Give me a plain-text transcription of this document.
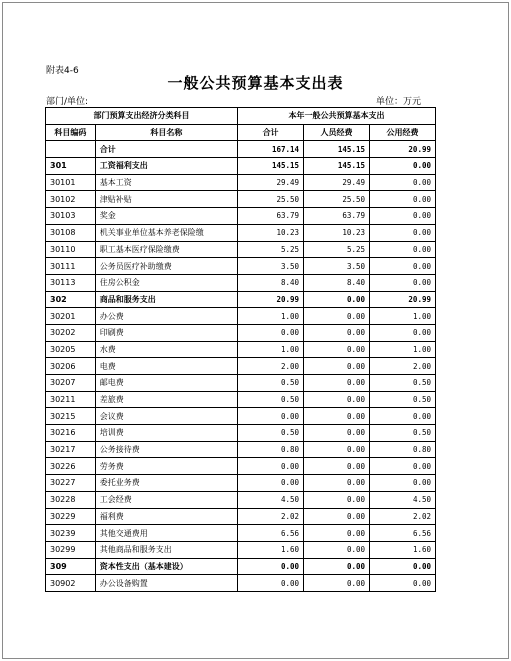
附表4-6
一般公共预算基本支出表
部门/单位:	单位：万元
部门预算支出经济分类科目		本年一般公共预算基本支出		
科目编码	科目名称	合计	人员经费	公用经费
	合计	167.14	145.15	20.99
301	工资福利支出	145.15	145.15	0.00
30101	基本工资	29.49	29.49	0.00
30102	津贴补贴	25.50	25.50	0.00
30103	奖金	63.79	63.79	0.00
30108	机关事业单位基本养老保险缴	10.23	10.23	0.00
30110	职工基本医疗保险缴费	5.25	5.25	0.00
30111	公务员医疗补助缴费	3.50	3.50	0.00
30113	住房公积金	8.40	8.40	0.00
302	商品和服务支出	20.99	0.00	20.99
30201	办公费	1.00	0.00	1.00
30202	印刷费	0.00	0.00	0.00
30205	水费	1.00	0.00	1.00
30206	电费	2.00	0.00	2.00
30207	邮电费	0.50	0.00	0.50
30211	差旅费	0.50	0.00	0.50
30215	会议费	0.00	0.00	0.00
30216	培训费	0.50	0.00	0.50
30217	公务接待费	0.80	0.00	0.80
30226	劳务费	0.00	0.00	0.00
30227	委托业务费	0.00	0.00	0.00
30228	工会经费	4.50	0.00	4.50
30229	福利费	2.02	0.00	2.02
30239	其他交通费用	6.56	0.00	6.56
30299	其他商品和服务支出	1.60	0.00	1.60
309	资本性支出（基本建设）	0.00	0.00	0.00
30902	办公设备购置	0.00	0.00	0.00
